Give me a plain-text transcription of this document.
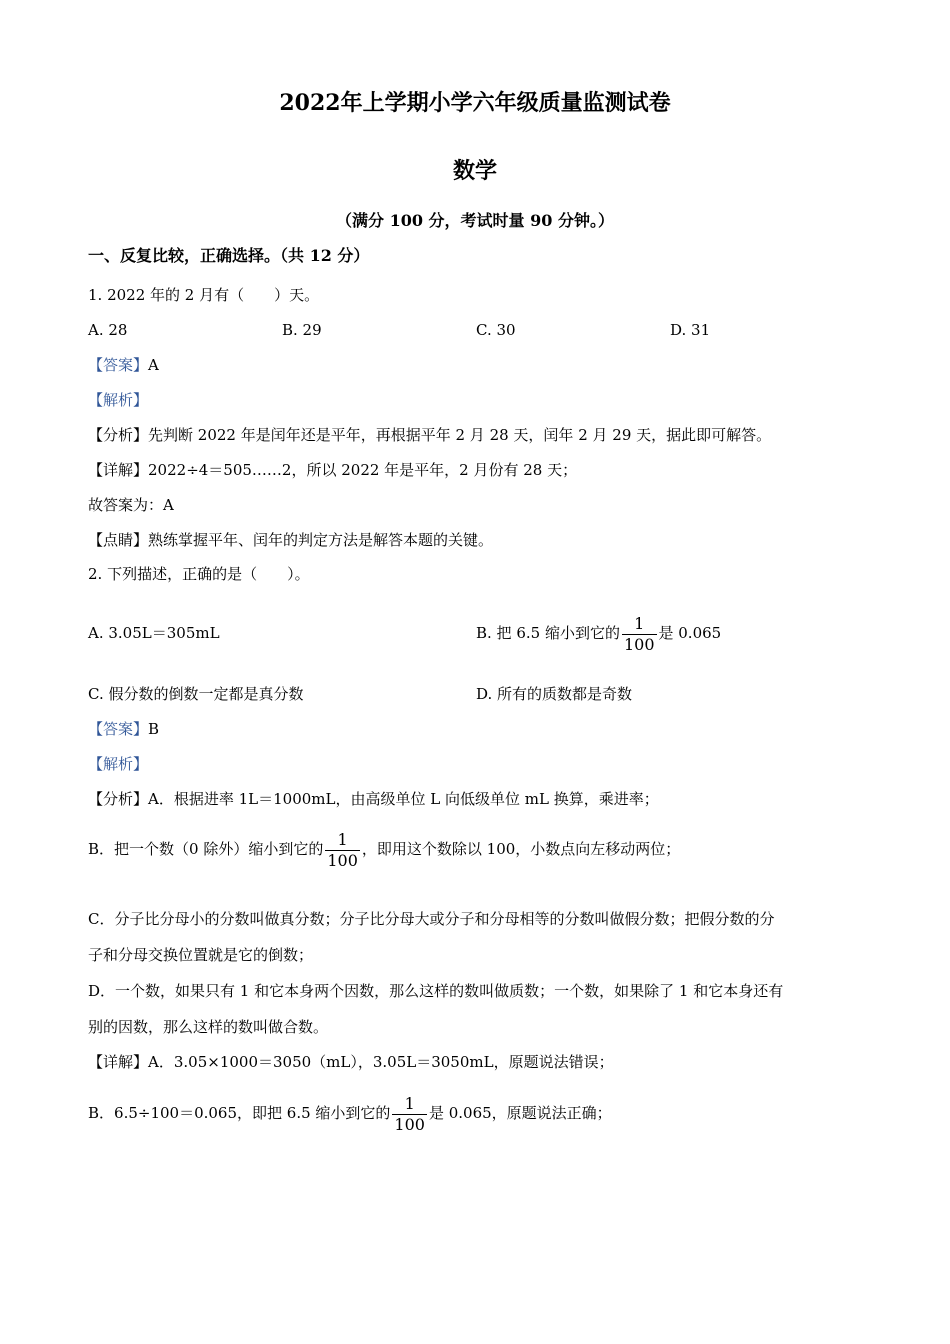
2022年上学期小学六年级质量监测试卷
数学
（满分 100 分，考试时量 90 分钟。）
一、反复比较，正确选择。（共 12 分）
1. 2022 年的 2 月有（　　）天。
A. 28	B. 29	C. 30	D. 31
【答案】A
【解析】
【分析】先判断 2022 年是闰年还是平年，再根据平年 2 月 28 天，闰年 2 月 29 天，据此即可解答。
【详解】2022÷4＝505……2，所以 2022 年是平年，2 月份有 28 天；
故答案为：A
【点睛】熟练掌握平年、闰年的判定方法是解答本题的关键。
2. 下列描述，正确的是（　　）。
A. 3.05L＝305mL	B. 把 6.5 缩小到它的 $\frac{1}{100}$ 是 0.065
C. 假分数的倒数一定都是真分数	D. 所有的质数都是奇数
【答案】B
【解析】
【分析】A．根据进率 1L＝1000mL，由高级单位 L 向低级单位 mL 换算，乘进率；
B．把一个数（0 除外）缩小到它的 $\frac{1}{100}$ ，即用这个数除以 100，小数点向左移动两位；
C．分子比分母小的分数叫做真分数；分子比分母大或分子和分母相等的分数叫做假分数；把假分数的分
子和分母交换位置就是它的倒数；
D．一个数，如果只有 1 和它本身两个因数，那么这样的数叫做质数；一个数，如果除了 1 和它本身还有
别的因数，那么这样的数叫做合数。
【详解】A．3.05×1000＝3050（mL），3.05L＝3050mL，原题说法错误；
B．6.5÷100＝0.065，即把 6.5 缩小到它的 $\frac{1}{100}$ 是 0.065，原题说法正确；
